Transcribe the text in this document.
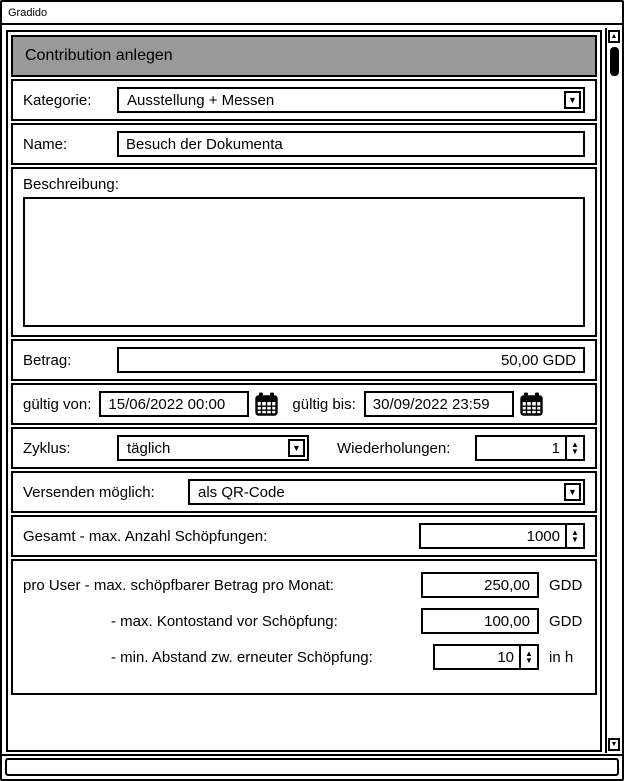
Gradido
Contribution anlegen
Kategorie:	Ausstellung + Messen	▼
Name:
Besuch der Dokumenta
Beschreibung:
Betrag:
50,00 GDD
gültig von:
15/06/2022 00:00	gültig bis:
30/09/2022 23:59
Zyklus:	täglich	▼ Wiederholungen:
1	▲
▼
Versenden möglich:	als QR-Code	▼
Gesamt - max. Anzahl Schöpfungen:
1000	▲
▼
pro User - max. schöpfbarer Betrag pro Monat:
250,00	GDD
- max. Kontostand vor Schöpfung:
100,00	GDD
- min. Abstand zw. erneuter Schöpfung:
10	▲
▼ in h
▲
▼
